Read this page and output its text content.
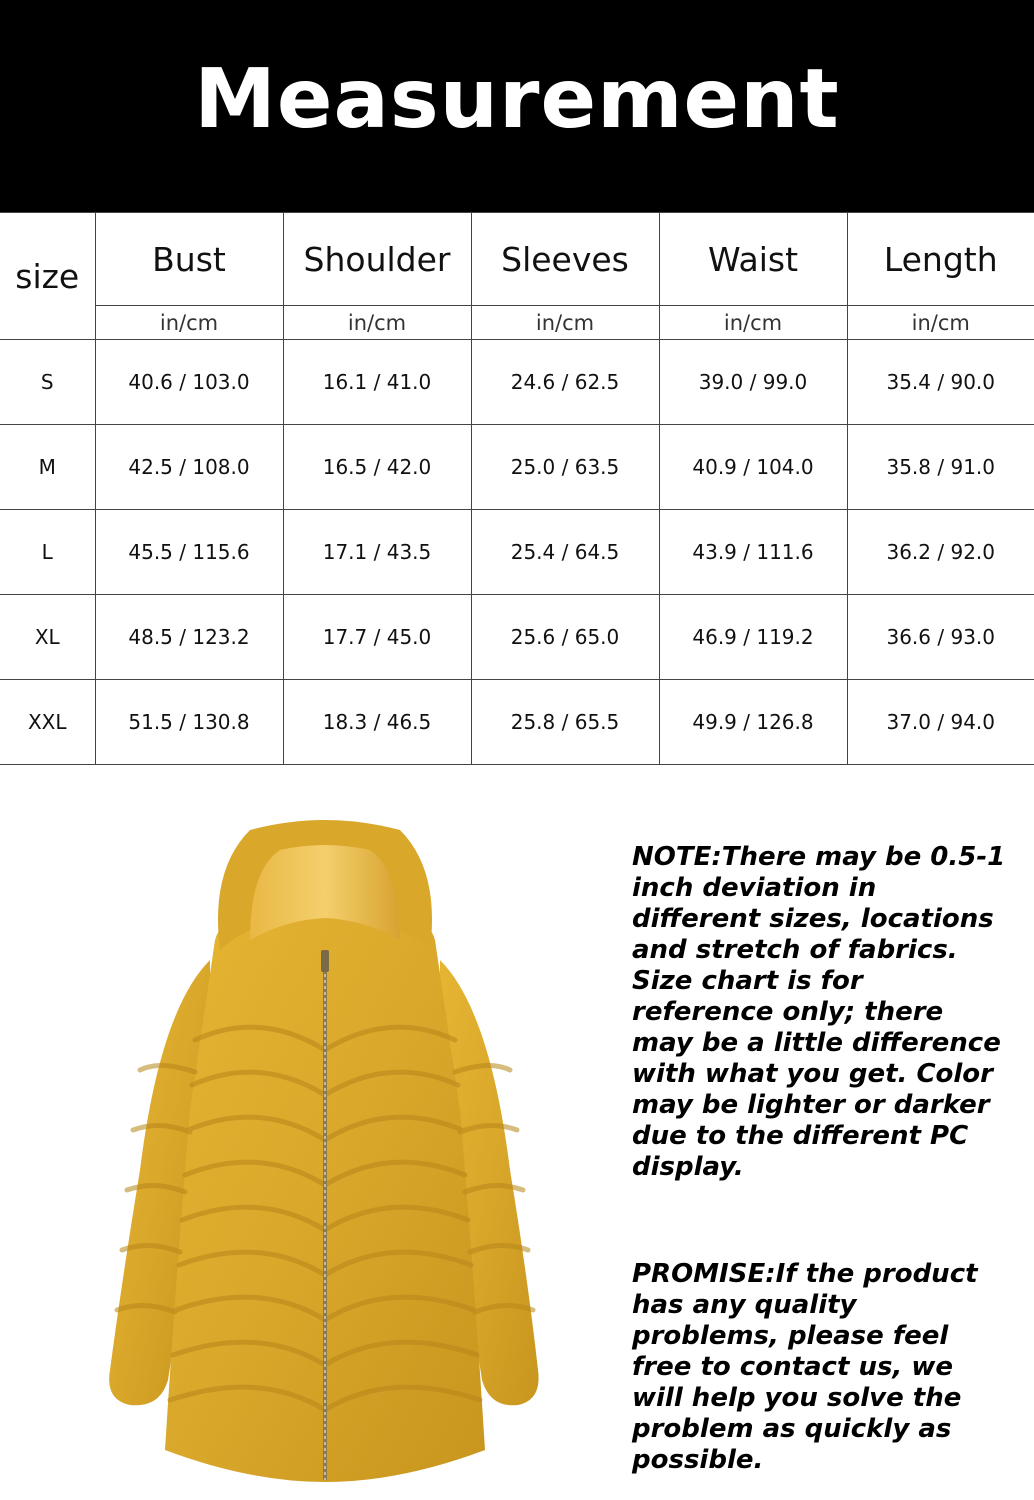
Measurement
size	Bust	Shoulder	Sleeves	Waist	Length
	in/cm	in/cm	in/cm	in/cm	in/cm
S	40.6 / 103.0	16.1 / 41.0	24.6 / 62.5	39.0 / 99.0	35.4 / 90.0
M	42.5 / 108.0	16.5 / 42.0	25.0 / 63.5	40.9 / 104.0	35.8 / 91.0
L	45.5 / 115.6	17.1 / 43.5	25.4 / 64.5	43.9 / 111.6	36.2 / 92.0
XL	48.5 / 123.2	17.7 / 45.0	25.6 / 65.0	46.9 / 119.2	36.6 / 93.0
XXL	51.5 / 130.8	18.3 / 46.5	25.8 / 65.5	49.9 / 126.8	37.0 / 94.0

NOTE:There may be 0.5-1 inch deviation in different sizes, locations and stretch of fabrics. Size chart is for reference only; there may be a little difference with what you get. Color may be lighter or darker due to the different PC display.

PROMISE:If the product has any quality problems, please feel free to contact us, we will help you solve the problem as quickly as possible.
